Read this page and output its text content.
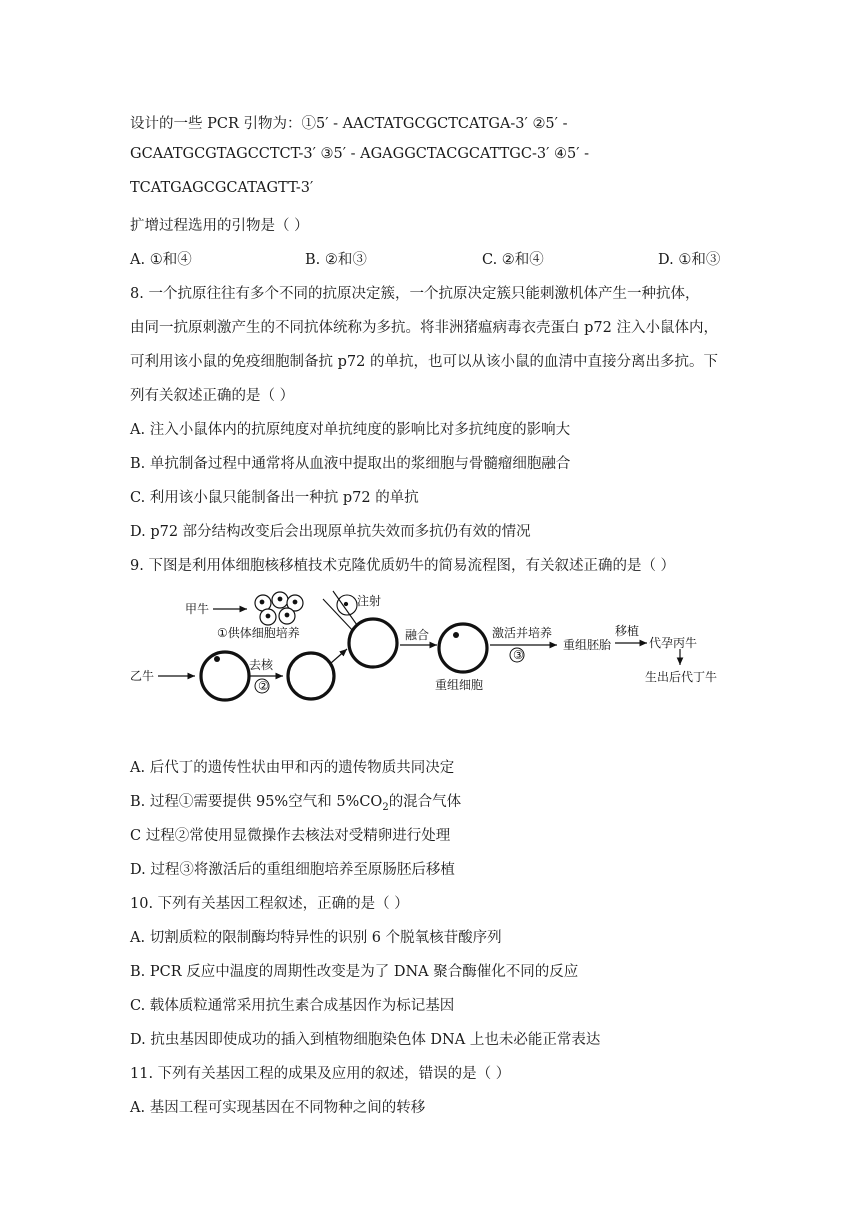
设计的一些 PCR 引物为：①5′ - AACTATGCGCTCATGA-3′ ②5′ -
GCAATGCGTAGCCTCT-3′ ③5′ - AGAGGCTACGCATTGC-3′ ④5′ -
TCATGAGCGCATAGTT-3′
扩增过程选用的引物是（ ）
A. ①和④	B. ②和③	C. ②和④	D. ①和③
8. 一个抗原往往有多个不同的抗原决定簇，一个抗原决定簇只能刺激机体产生一种抗体，
由同一抗原刺激产生的不同抗体统称为多抗。将非洲猪瘟病毒衣壳蛋白 p72 注入小鼠体内，
可利用该小鼠的免疫细胞制备抗 p72 的单抗，也可以从该小鼠的血清中直接分离出多抗。下
列有关叙述正确的是（ ）
A. 注入小鼠体内的抗原纯度对单抗纯度的影响比对多抗纯度的影响大
B. 单抗制备过程中通常将从血液中提取出的浆细胞与骨髓瘤细胞融合
C. 利用该小鼠只能制备出一种抗 p72 的单抗
D. p72 部分结构改变后会出现原单抗失效而多抗仍有效的情况
9. 下图是利用体细胞核移植技术克隆优质奶牛的简易流程图，有关叙述正确的是（ ）
甲牛
①供体细胞培养
注射
乙牛
去核
②
融合
重组细胞
激活并培养
③
重组胚胎
移植
代孕丙牛
生出后代丁牛
A. 后代丁的遗传性状由甲和丙的遗传物质共同决定
B. 过程①需要提供 95%空气和 $5\%CO_2$的混合气体
C 过程②常使用显微操作去核法对受精卵进行处理
D. 过程③将激活后的重组细胞培养至原肠胚后移植
10. 下列有关基因工程叙述，正确的是（ ）
A. 切割质粒的限制酶均特异性的识别 6 个脱氧核苷酸序列
B. PCR 反应中温度的周期性改变是为了 DNA 聚合酶催化不同的反应
C. 载体质粒通常采用抗生素合成基因作为标记基因
D. 抗虫基因即使成功的插入到植物细胞染色体 DNA 上也未必能正常表达
11. 下列有关基因工程的成果及应用的叙述，错误的是（ ）
A. 基因工程可实现基因在不同物种之间的转移
